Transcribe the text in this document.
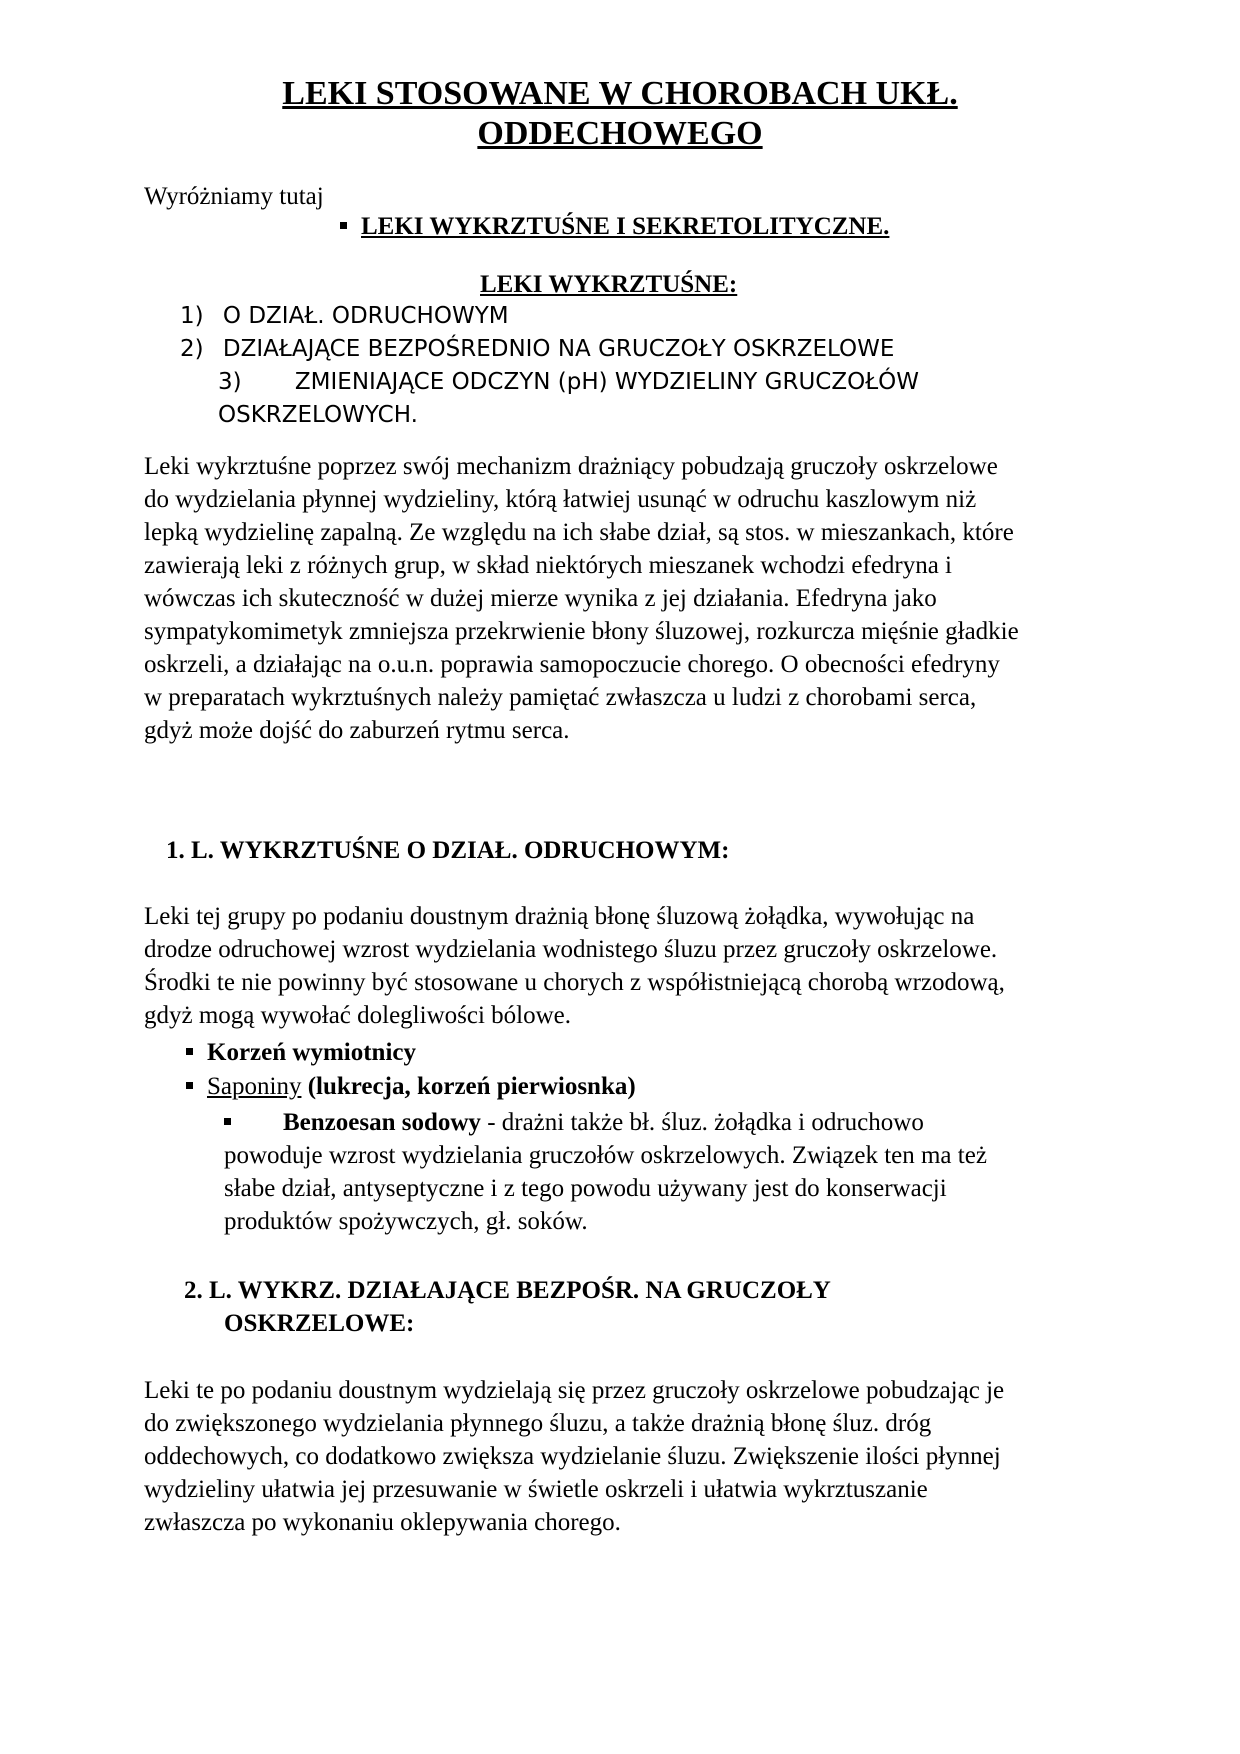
LEKI STOSOWANE W CHOROBACH UKŁ.
ODDECHOWEGO
Wyróżniamy tutaj
LEKI WYKRZTUŚNE I SEKRETOLITYCZNE.
LEKI WYKRZTUŚNE:
1) O DZIAŁ. ODRUCHOWYM
2) DZIAŁAJĄCE BEZPOŚREDNIO NA GRUCZOŁY OSKRZELOWE
3) ZMIENIAJĄCE ODCZYN (pH) WYDZIELINY GRUCZOŁÓW
OSKRZELOWYCH.
Leki wykrztuśne poprzez swój mechanizm drażniący pobudzają gruczoły oskrzelowe
do wydzielania płynnej wydzieliny, którą łatwiej usunąć w odruchu kaszlowym niż
lepką wydzielinę zapalną. Ze względu na ich słabe dział, są stos. w mieszankach, które
zawierają leki z różnych grup, w skład niektórych mieszanek wchodzi efedryna i
wówczas ich skuteczność w dużej mierze wynika z jej działania. Efedryna jako
sympatykomimetyk zmniejsza przekrwienie błony śluzowej, rozkurcza mięśnie gładkie
oskrzeli, a działając na o.u.n. poprawia samopoczucie chorego. O obecności efedryny
w preparatach wykrztuśnych należy pamiętać zwłaszcza u ludzi z chorobami serca,
gdyż może dojść do zaburzeń rytmu serca.
1. L. WYKRZTUŚNE O DZIAŁ. ODRUCHOWYM:
Leki tej grupy po podaniu doustnym drażnią błonę śluzową żołądka, wywołując na
drodze odruchowej wzrost wydzielania wodnistego śluzu przez gruczoły oskrzelowe.
Środki te nie powinny być stosowane u chorych z współistniejącą chorobą wrzodową,
gdyż mogą wywołać dolegliwości bólowe.
Korzeń wymiotnicy
Saponiny (lukrecja, korzeń pierwiosnka)
Benzoesan sodowy - drażni także bł. śluz. żołądka i odruchowo
powoduje wzrost wydzielania gruczołów oskrzelowych. Związek ten ma też
słabe dział, antyseptyczne i z tego powodu używany jest do konserwacji
produktów spożywczych, gł. soków.
2. L. WYKRZ. DZIAŁAJĄCE BEZPOŚR. NA GRUCZOŁY
OSKRZELOWE:
Leki te po podaniu doustnym wydzielają się przez gruczoły oskrzelowe pobudzając je
do zwiększonego wydzielania płynnego śluzu, a także drażnią błonę śluz. dróg
oddechowych, co dodatkowo zwiększa wydzielanie śluzu. Zwiększenie ilości płynnej
wydzieliny ułatwia jej przesuwanie w świetle oskrzeli i ułatwia wykrztuszanie
zwłaszcza po wykonaniu oklepywania chorego.
